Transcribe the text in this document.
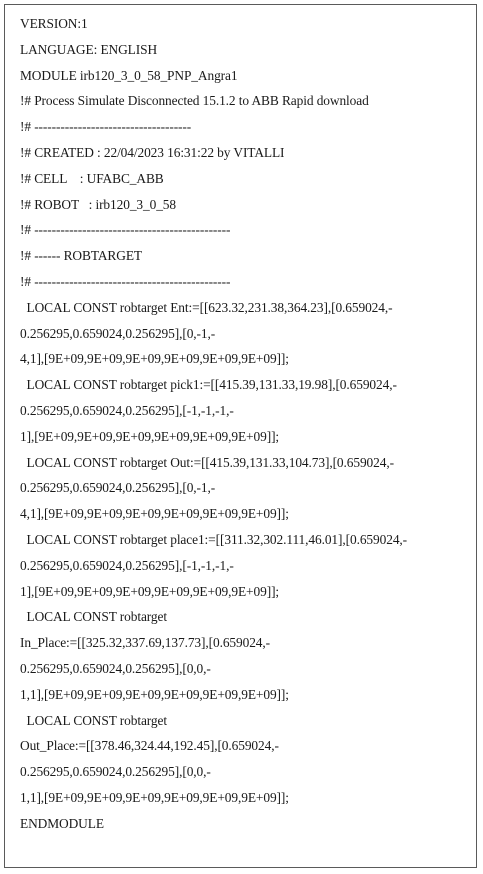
VERSION:1
LANGUAGE: ENGLISH
MODULE irb120_3_0_58_PNP_Angra1
!# Process Simulate Disconnected 15.1.2 to ABB Rapid download
!# ------------------------------------
!# CREATED : 22/04/2023 16:31:22 by VITALLI
!# CELL    : UFABC_ABB
!# ROBOT   : irb120_3_0_58
!# ---------------------------------------------
!# ------ ROBTARGET
!# ---------------------------------------------
LOCAL CONST robtarget Ent:=[[623.32,231.38,364.23],[0.659024,-
0.256295,0.659024,0.256295],[0,-1,-
4,1],[9E+09,9E+09,9E+09,9E+09,9E+09,9E+09]];
LOCAL CONST robtarget pick1:=[[415.39,131.33,19.98],[0.659024,-
0.256295,0.659024,0.256295],[-1,-1,-1,-
1],[9E+09,9E+09,9E+09,9E+09,9E+09,9E+09]];
LOCAL CONST robtarget Out:=[[415.39,131.33,104.73],[0.659024,-
0.256295,0.659024,0.256295],[0,-1,-
4,1],[9E+09,9E+09,9E+09,9E+09,9E+09,9E+09]];
LOCAL CONST robtarget place1:=[[311.32,302.111,46.01],[0.659024,-
0.256295,0.659024,0.256295],[-1,-1,-1,-
1],[9E+09,9E+09,9E+09,9E+09,9E+09,9E+09]];
LOCAL CONST robtarget
In_Place:=[[325.32,337.69,137.73],[0.659024,-
0.256295,0.659024,0.256295],[0,0,-
1,1],[9E+09,9E+09,9E+09,9E+09,9E+09,9E+09]];
LOCAL CONST robtarget
Out_Place:=[[378.46,324.44,192.45],[0.659024,-
0.256295,0.659024,0.256295],[0,0,-
1,1],[9E+09,9E+09,9E+09,9E+09,9E+09,9E+09]];
ENDMODULE
